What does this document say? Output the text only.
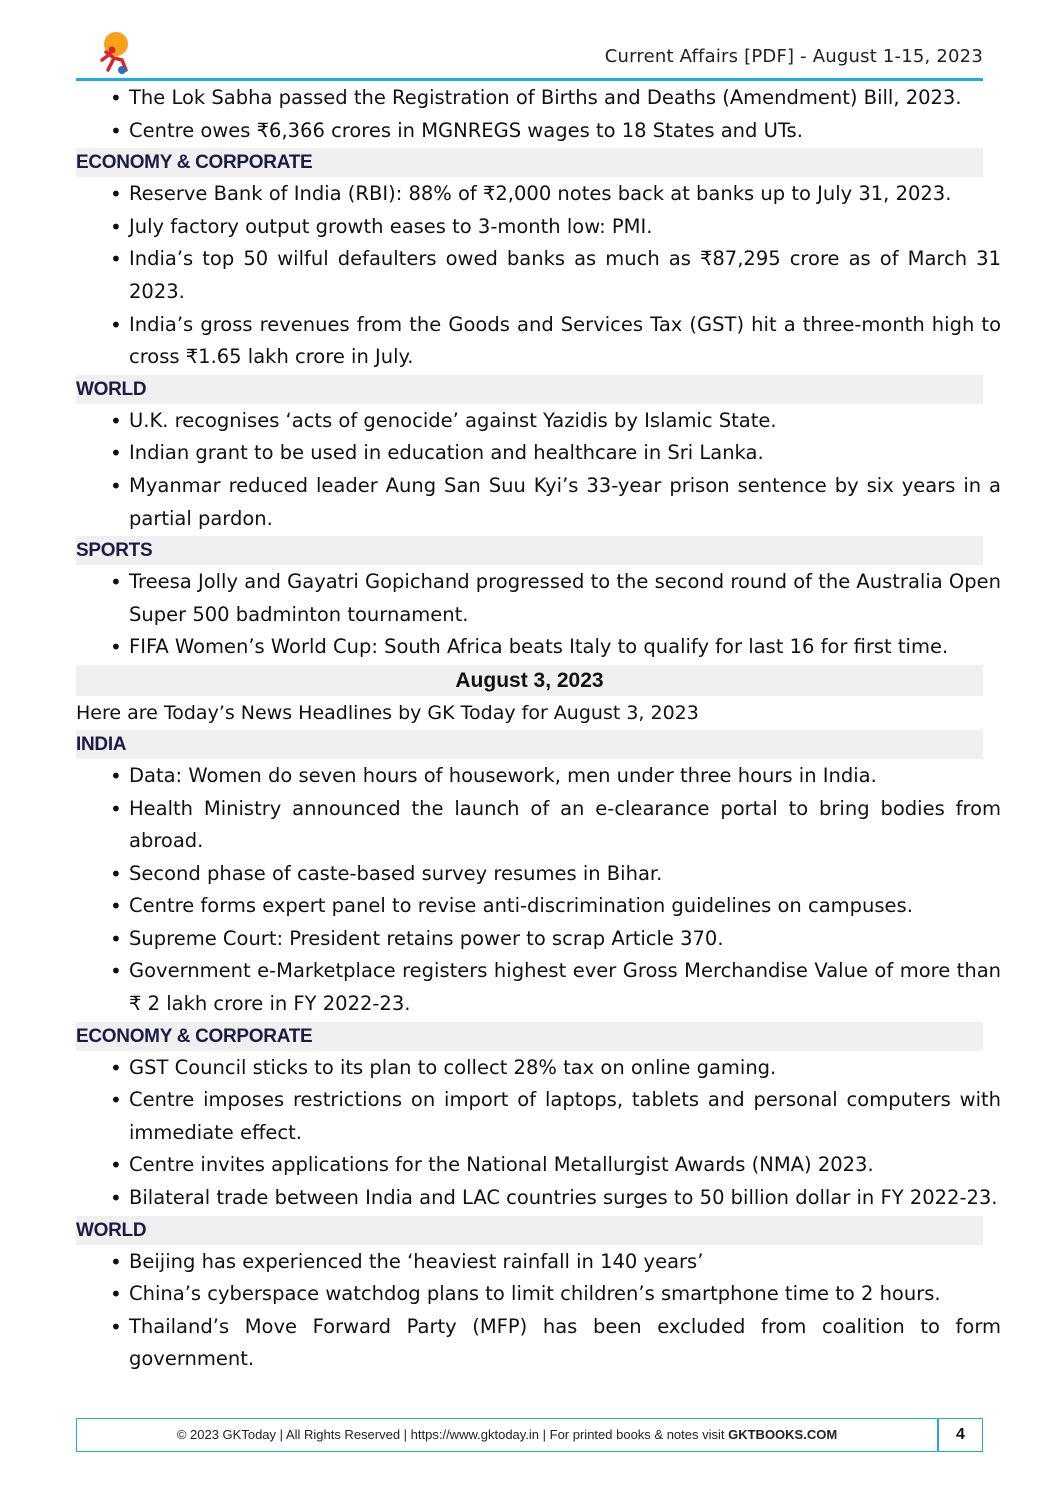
Current Affairs [PDF] - August 1-15, 2023
• The Lok Sabha passed the Registration of Births and Deaths (Amendment) Bill, 2023.
• Centre owes ₹6,366 crores in MGNREGS wages to 18 States and UTs.
ECONOMY & CORPORATE
• Reserve Bank of India (RBI): 88% of ₹2,000 notes back at banks up to July 31, 2023.
• July factory output growth eases to 3-month low: PMI.
• India’s top 50 wilful defaulters owed banks as much as ₹87,295 crore as of March 31 2023.
• India’s gross revenues from the Goods and Services Tax (GST) hit a three-month high to cross ₹1.65 lakh crore in July.
WORLD
• U.K. recognises ‘acts of genocide’ against Yazidis by Islamic State.
• Indian grant to be used in education and healthcare in Sri Lanka.
• Myanmar reduced leader Aung San Suu Kyi’s 33-year prison sentence by six years in a partial pardon.
SPORTS
• Treesa Jolly and Gayatri Gopichand progressed to the second round of the Australia Open Super 500 badminton tournament.
• FIFA Women’s World Cup: South Africa beats Italy to qualify for last 16 for first time.
August 3, 2023
Here are Today’s News Headlines by GK Today for August 3, 2023
INDIA
• Data: Women do seven hours of housework, men under three hours in India.
• Health Ministry announced the launch of an e-clearance portal to bring bodies from abroad.
• Second phase of caste-based survey resumes in Bihar.
• Centre forms expert panel to revise anti-discrimination guidelines on campuses.
• Supreme Court: President retains power to scrap Article 370.
• Government e-Marketplace registers highest ever Gross Merchandise Value of more than ₹ 2 lakh crore in FY 2022-23.
ECONOMY & CORPORATE
• GST Council sticks to its plan to collect 28% tax on online gaming.
• Centre imposes restrictions on import of laptops, tablets and personal computers with immediate effect.
• Centre invites applications for the National Metallurgist Awards (NMA) 2023.
• Bilateral trade between India and LAC countries surges to 50 billion dollar in FY 2022-23.
WORLD
• Beijing has experienced the ‘heaviest rainfall in 140 years’
• China’s cyberspace watchdog plans to limit children’s smartphone time to 2 hours.
• Thailand’s Move Forward Party (MFP) has been excluded from coalition to form government.
© 2023 GKToday | All Rights Reserved | https://www.gktoday.in | For printed books & notes visit GKTBOOKS.COM	4
